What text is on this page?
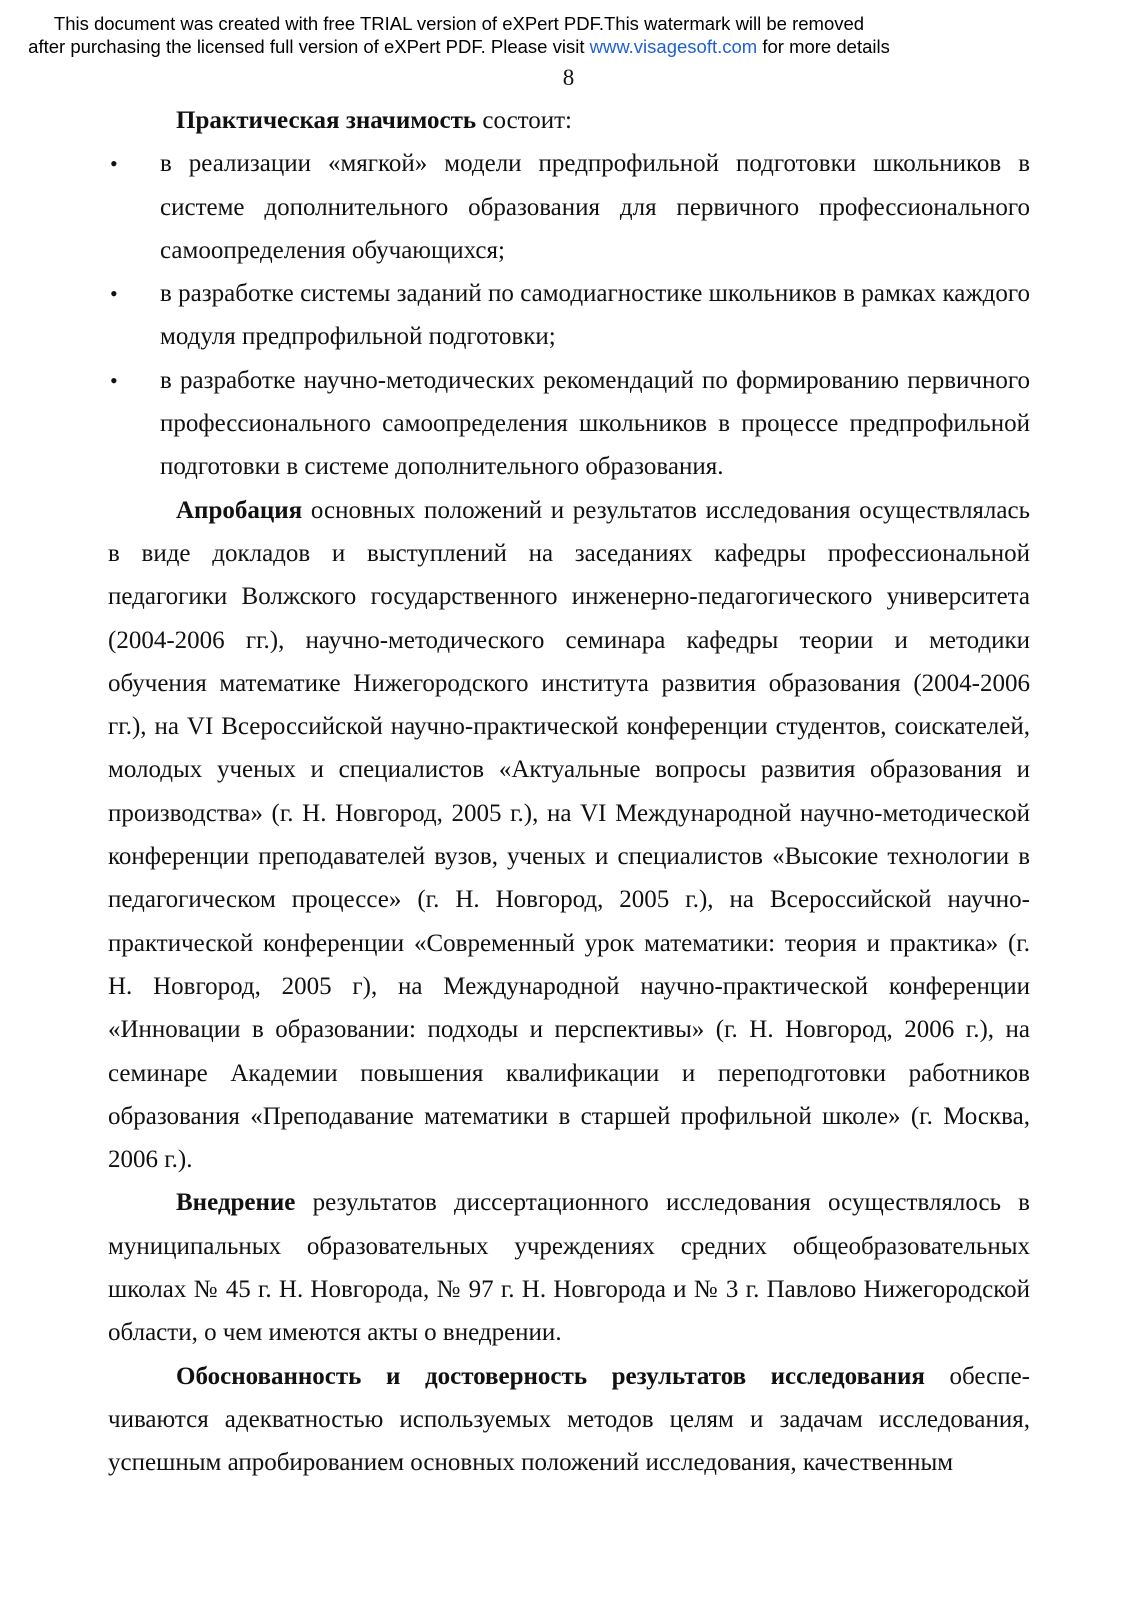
This document was created with free TRIAL version of eXPert PDF.This watermark will be removed
after purchasing the licensed full version of eXPert PDF. Please visit www.visagesoft.com for more details
8

Практическая значимость состоит:

• в реализации «мягкой» модели предпрофильной подготовки школьников в системе дополнительного образования для первичного профессионального самоопределения обучающихся;
• в разработке системы заданий по самодиагностике школьников в рамках каждого модуля предпрофильной подготовки;
• в разработке научно-методических рекомендаций по формированию первичного профессионального самоопределения школьников в процессе предпрофильной подготовки в системе дополнительного образования.

Апробация основных положений и результатов исследования осуществлялась в виде докладов и выступлений на заседаниях кафедры профессиональной педагогики Волжского государственного инженерно-педагогического университета (2004-2006 гг.), научно-методического семинара кафедры теории и методики обучения математике Нижегородского института развития образования (2004-2006 гг.), на VI Всероссийской научно-практической конференции студентов, соискателей, молодых ученых и специалистов «Актуальные вопросы развития образования и производства» (г. Н. Новгород, 2005 г.), на VI Международной научно-методической конференции преподавателей вузов, ученых и специалистов «Высокие технологии в педагогическом процессе» (г. Н. Новгород, 2005 г.), на Всероссийской научно-практической конференции «Современный урок математики: теория и практика» (г. Н. Новгород, 2005 г), на Международной научно-практической конференции «Инновации в образовании: подходы и перспективы» (г. Н. Новгород, 2006 г.), на семинаре Академии повышения квалификации и переподготовки работников образования «Преподавание математики в старшей профильной школе» (г. Москва, 2006 г.).

Внедрение результатов диссертационного исследования осуществлялось в муниципальных образовательных учреждениях средних общеобразовательных школах № 45 г. Н. Новгорода, № 97 г. Н. Новгорода и № 3 г. Павлово Нижегородской области, о чем имеются акты о внедрении.

Обоснованность и достоверность результатов исследования обеспечиваются адекватностью используемых методов целям и задачам исследования, успешным апробированием основных положений исследования, качественным
